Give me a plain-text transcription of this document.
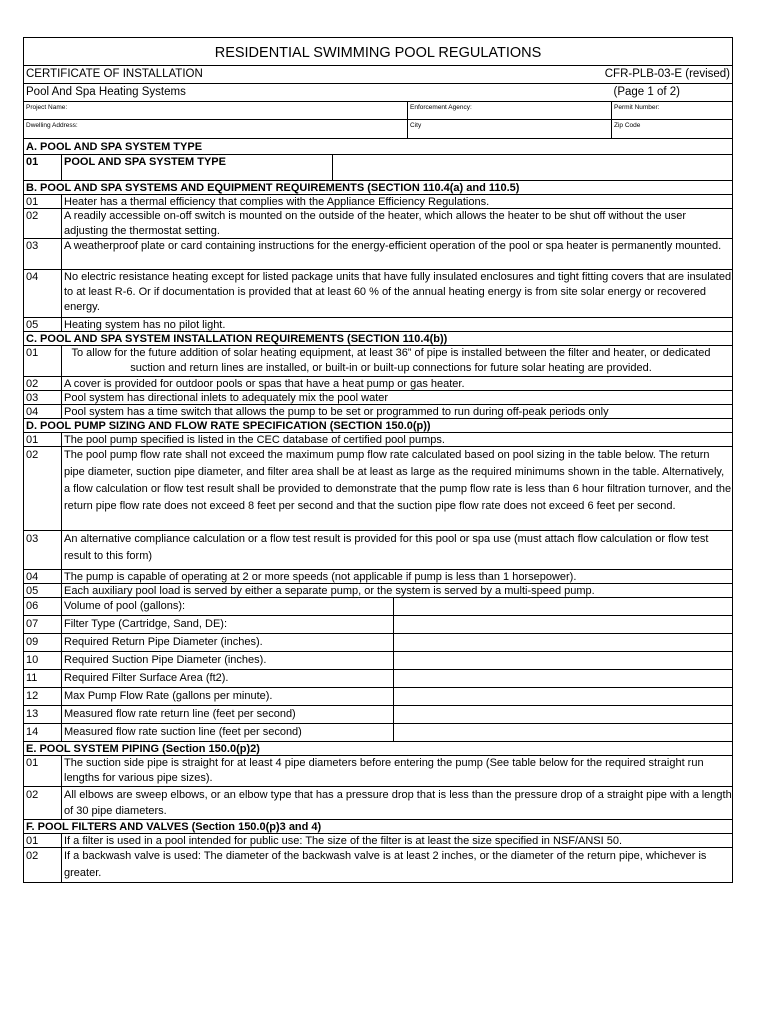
RESIDENTIAL SWIMMING POOL REGULATIONS
CERTIFICATE OF INSTALLATION	CFR-PLB-03-E (revised)
Pool And Spa Heating Systems	(Page 1 of 2)
Project Name:	Enforcement Agency:	Permit Number:
Dwelling Address:	City	Zip Code
A. POOL AND SPA SYSTEM TYPE
01	POOL AND SPA SYSTEM TYPE
B. POOL AND SPA SYSTEMS AND EQUIPMENT REQUIREMENTS (SECTION 110.4(a) and 110.5)
01	Heater has a thermal efficiency that complies with the Appliance Efficiency Regulations.
02	A readily accessible on-off switch is mounted on the outside of the heater, which allows the heater to be shut off without the user adjusting the thermostat setting.
03	A weatherproof plate or card containing instructions for the energy-efficient operation of the pool or spa heater is permanently mounted.
04	No electric resistance heating except for listed package units that have fully insulated enclosures and tight fitting covers that are insulated to at least R-6. Or if documentation is provided that at least 60 % of the annual heating energy is from site solar energy or recovered energy.
05	Heating system has no pilot light.
C. POOL AND SPA SYSTEM INSTALLATION REQUIREMENTS (SECTION 110.4(b))
01	To allow for the future addition of solar heating equipment, at least 36” of pipe is installed between the filter and heater, or dedicated suction and return lines are installed, or built-in or built-up connections for future solar heating are provided.
02	A cover is provided for outdoor pools or spas that have a heat pump or gas heater.
03	Pool system has directional inlets to adequately mix the pool water
04	Pool system has a time switch that allows the pump to be set or programmed to run during off-peak periods only
D. POOL PUMP SIZING AND FLOW RATE SPECIFICATION (SECTION 150.0(p))
01	The pool pump specified is listed in the CEC database of certified pool pumps.
02	The pool pump flow rate shall not exceed the maximum pump flow rate calculated based on pool sizing in the table below. The return pipe diameter, suction pipe diameter, and filter area shall be at least as large as the required minimums shown in the table. Alternatively, a flow calculation or flow test result shall be provided to demonstrate that the pump flow rate is less than 6 hour filtration turnover, and the return pipe flow rate does not exceed 8 feet per second and that the suction pipe flow rate does not exceed 6 feet per second.
03	An alternative compliance calculation or a flow test result is provided for this pool or spa use (must attach flow calculation or flow test result to this form)
04	The pump is capable of operating at 2 or more speeds (not applicable if pump is less than 1 horsepower).
05	Each auxiliary pool load is served by either a separate pump, or the system is served by a multi-speed pump.
06	Volume of pool (gallons):
07	Filter Type (Cartridge, Sand, DE):
09	Required Return Pipe Diameter (inches).
10	Required Suction Pipe Diameter (inches).
11	Required Filter Surface Area (ft2).
12	Max Pump Flow Rate (gallons per minute).
13	Measured flow rate return line (feet per second)
14	Measured flow rate suction line (feet per second)
E. POOL SYSTEM PIPING (Section 150.0(p)2)
01	The suction side pipe is straight for at least 4 pipe diameters before entering the pump (See table below for the required straight run lengths for various pipe sizes).
02	All elbows are sweep elbows, or an elbow type that has a pressure drop that is less than the pressure drop of a straight pipe with a length of 30 pipe diameters.
F. POOL FILTERS AND VALVES (Section 150.0(p)3 and 4)
01	If a filter is used in a pool intended for public use: The size of the filter is at least the size specified in NSF/ANSI 50.
02	If a backwash valve is used: The diameter of the backwash valve is at least 2 inches, or the diameter of the return pipe, whichever is greater.
